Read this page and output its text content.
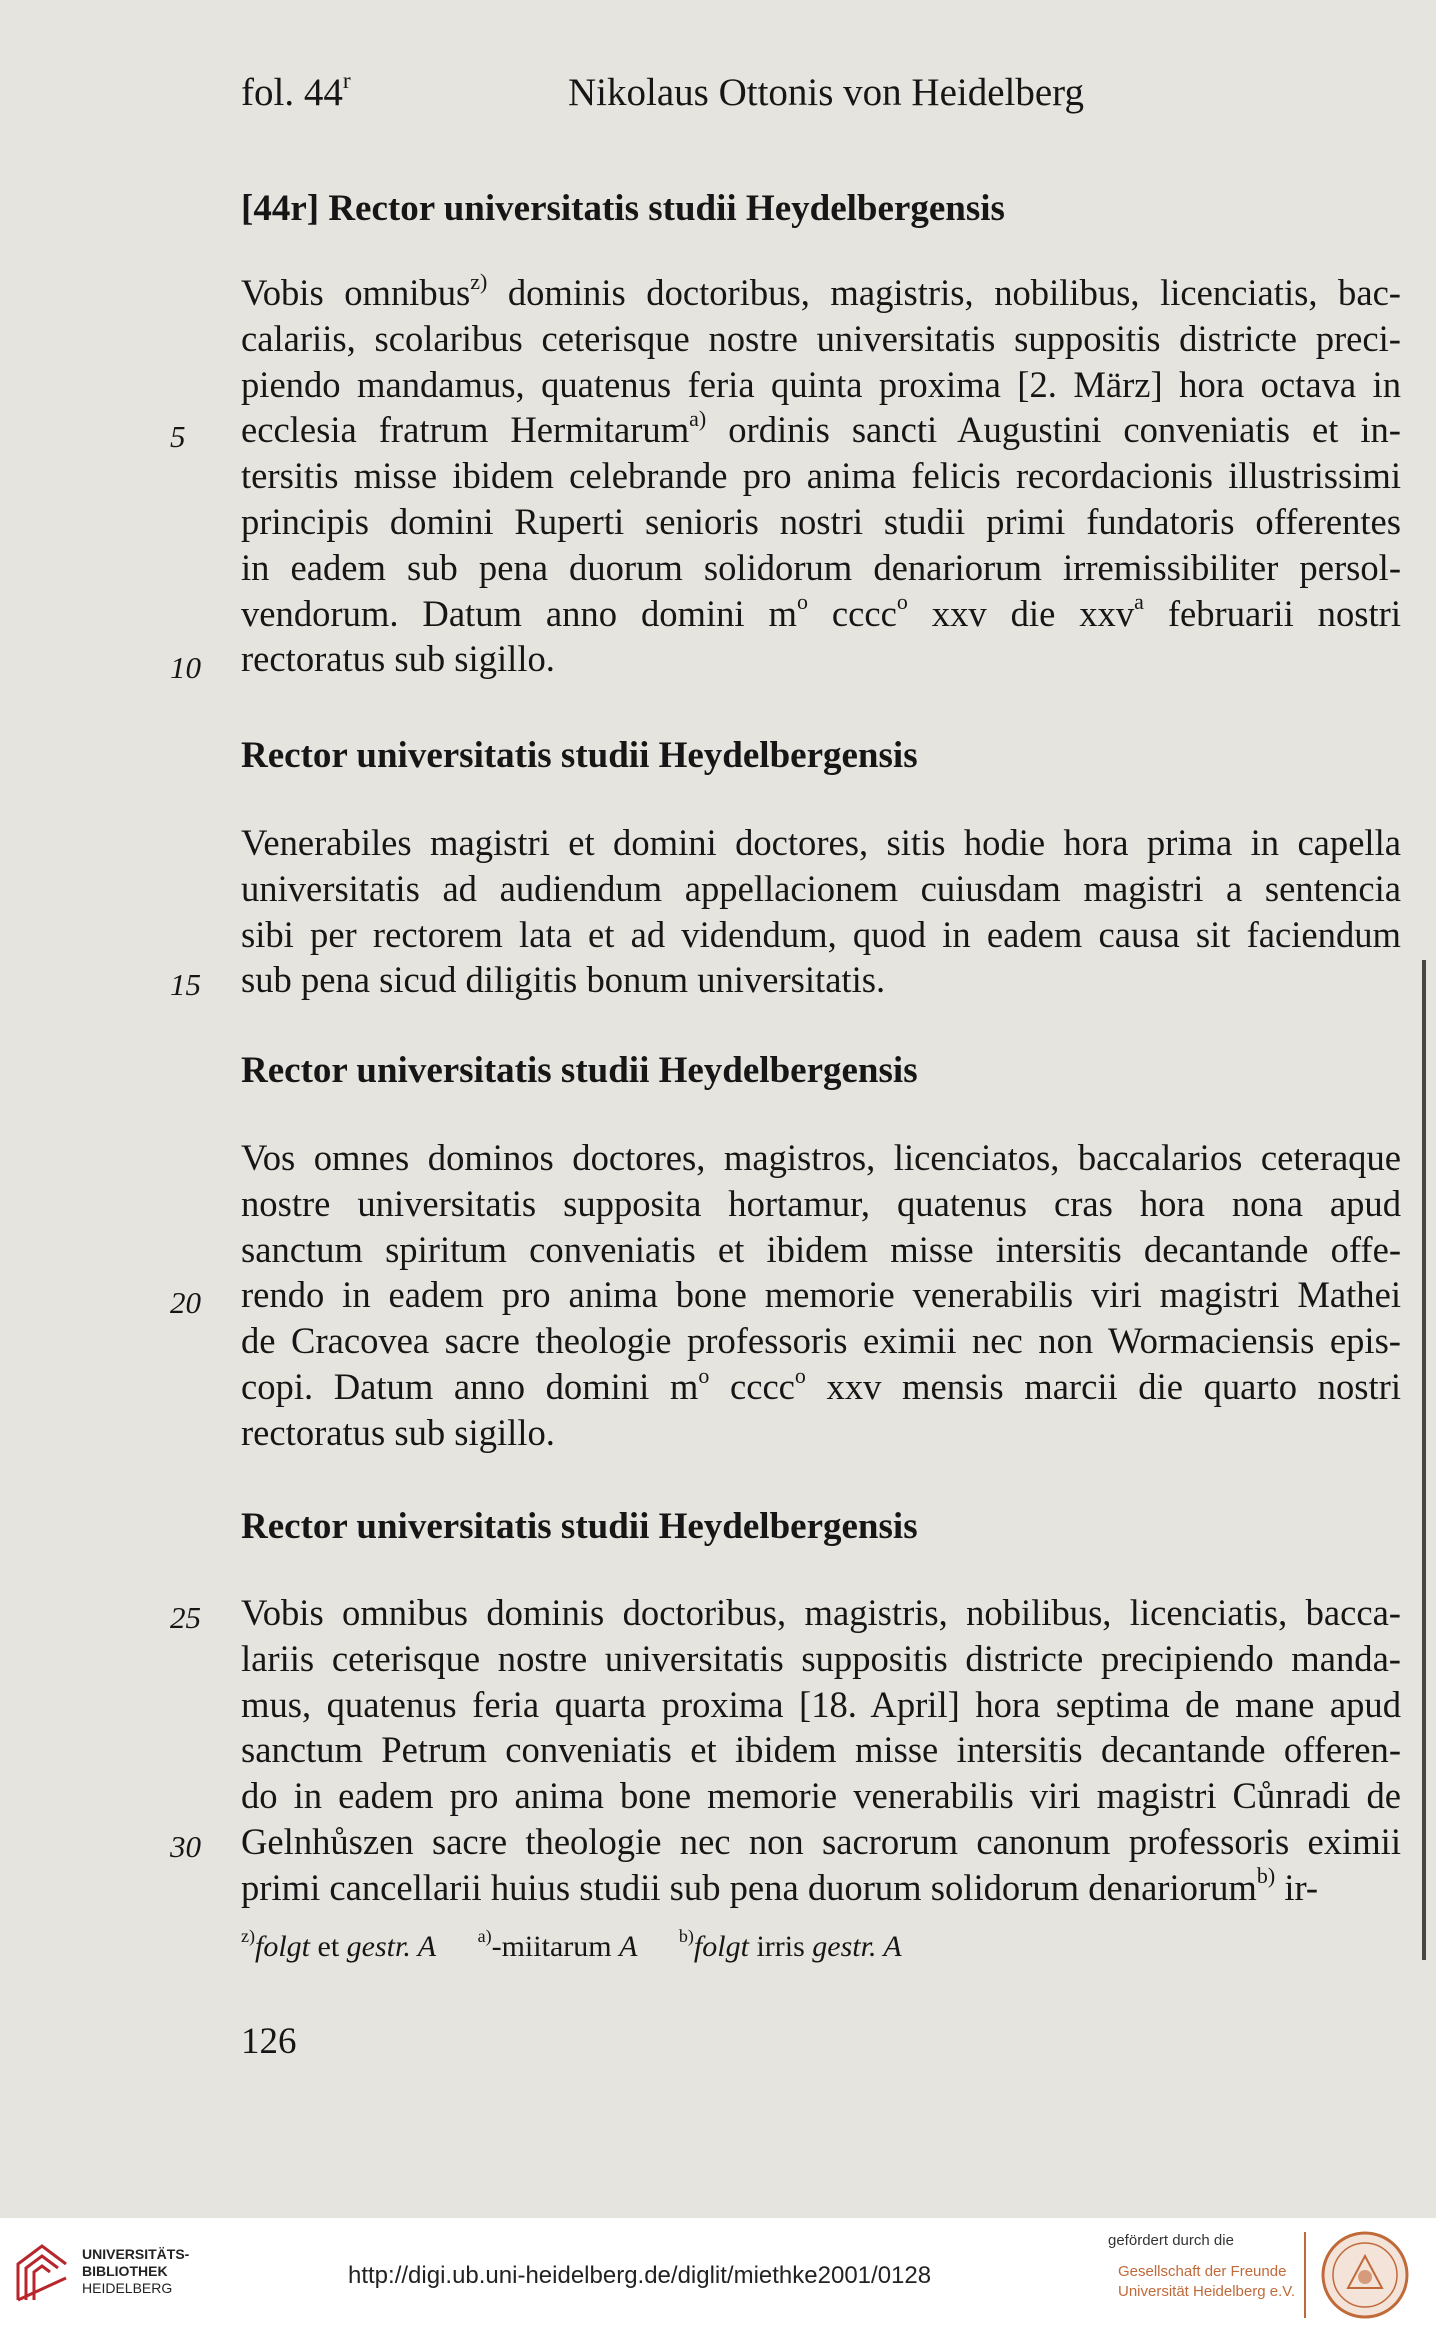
fol. 44$^r$	Nikolaus Ottonis von Heidelberg
[44r] Rector universitatis studii Heydelbergensis
Vobis omnibus$^{z)}$ dominis doctoribus, magistris, nobilibus, licenciatis, bac-
calariis, scolaribus ceterisque nostre universitatis suppositis districte preci-
piendo mandamus, quatenus feria quinta proxima [2. März] hora octava in
ecclesia fratrum Hermitarum$^{a)}$ ordinis sancti Augustini conveniatis et in-
tersitis misse ibidem celebrande pro anima felicis recordacionis illustrissimi
principis domini Ruperti senioris nostri studii primi fundatoris offerentes
in eadem sub pena duorum solidorum denariorum irremissibiliter persol-
vendorum. Datum anno domini $m^o$ cccc$^o$ xxv die xxv$^a$ februarii nostri
rectoratus sub sigillo.
Rector universitatis studii Heydelbergensis
Venerabiles magistri et domini doctores, sitis hodie hora prima in capella
universitatis ad audiendum appellacionem cuiusdam magistri a sentencia
sibi per rectorem lata et ad videndum, quod in eadem causa sit faciendum
sub pena sicud diligitis bonum universitatis.
Rector universitatis studii Heydelbergensis
Vos omnes dominos doctores, magistros, licenciatos, baccalarios ceteraque
nostre universitatis supposita hortamur, quatenus cras hora nona apud
sanctum spiritum conveniatis et ibidem misse intersitis decantande offe-
rendo in eadem pro anima bone memorie venerabilis viri magistri Mathei
de Cracovea sacre theologie professoris eximii nec non Wormaciensis epis-
copi. Datum anno domini $m^o$ cccc$^o$ xxv mensis marcii die quarto nostri
rectoratus sub sigillo.
Rector universitatis studii Heydelbergensis
Vobis omnibus dominis doctoribus, magistris, nobilibus, licenciatis, bacca-
lariis ceterisque nostre universitatis suppositis districte precipiendo manda-
mus, quatenus feria quarta proxima [18. April] hora septima de mane apud
sanctum Petrum conveniatis et ibidem misse intersitis decantande offeren-
do in eadem pro anima bone memorie venerabilis viri magistri Cůnradi de
Gelnhůszen sacre theologie nec non sacrorum canonum professoris eximii
primi cancellarii huius studii sub pena duorum solidorum denariorum$^{b)}$ ir-
5
10
15
20
25
30
$^{z)}$folgt et gestr. A $^{a)}$-miitarum A $^{b)}$folgt irris gestr. A
126
UNIVERSITÄTS-
BIBLIOTHEK
HEIDELBERG	http://digi.ub.uni-heidelberg.de/diglit/miethke2001/0128
gefördert durch die
Gesellschaft der Freunde
Universität Heidelberg e.V.
